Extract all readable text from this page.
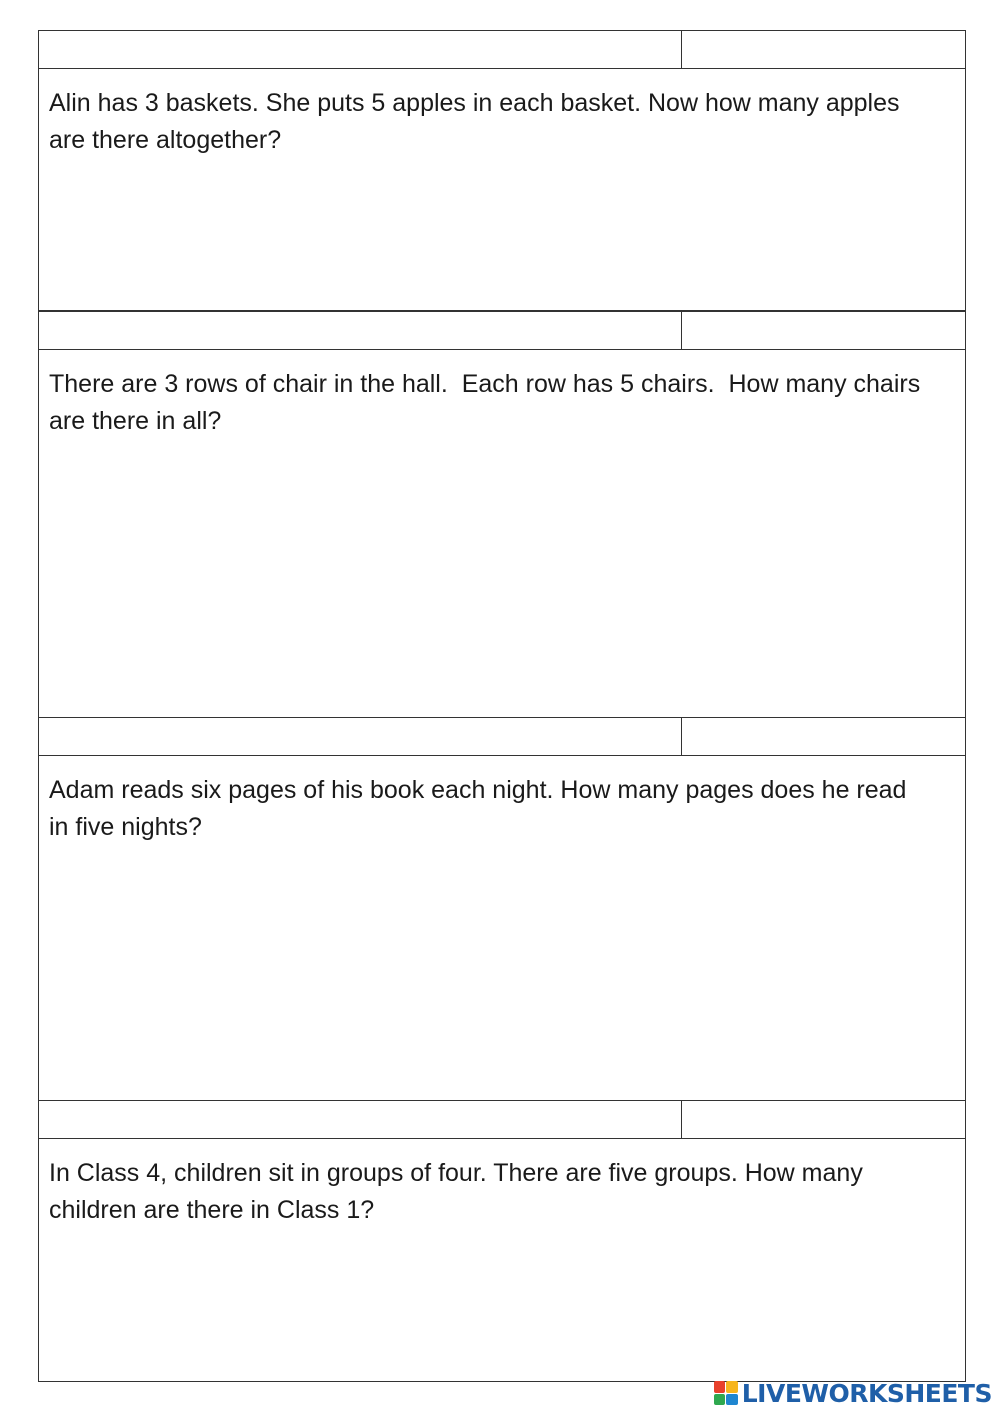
Alin has 3 baskets. She puts 5 apples in each basket. Now how many apples are there altogether?

There are 3 rows of chair in the hall.  Each row has 5 chairs.  How many chairs are there in all?

Adam reads six pages of his book each night. How many pages does he read in five nights?

In Class 4, children sit in groups of four. There are five groups. How many children are there in Class 1?

LIVEWORKSHEETS
